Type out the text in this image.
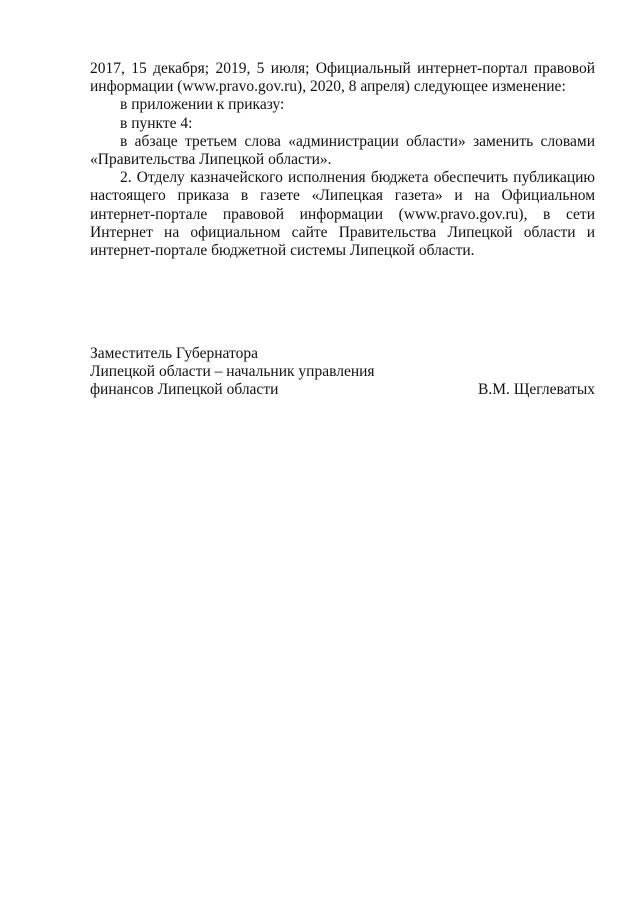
2017, 15 декабря; 2019, 5 июля; Официальный интернет-портал правовой информации (www.pravo.gov.ru), 2020, 8 апреля) следующее изменение:

в приложении к приказу:

в пункте 4:

в абзаце третьем слова «администрации области» заменить словами «Правительства Липецкой области».

2. Отделу казначейского исполнения бюджета обеспечить публикацию настоящего приказа в газете «Липецкая газета» и на Официальном интернет-портале правовой информации (www.pravo.gov.ru), в сети Интернет на официальном сайте Правительства Липецкой области и интернет-портале бюджетной системы Липецкой области.

Заместитель Губернатора
Липецкой области – начальник управления
финансов Липецкой области	В.М. Щеглеватых
